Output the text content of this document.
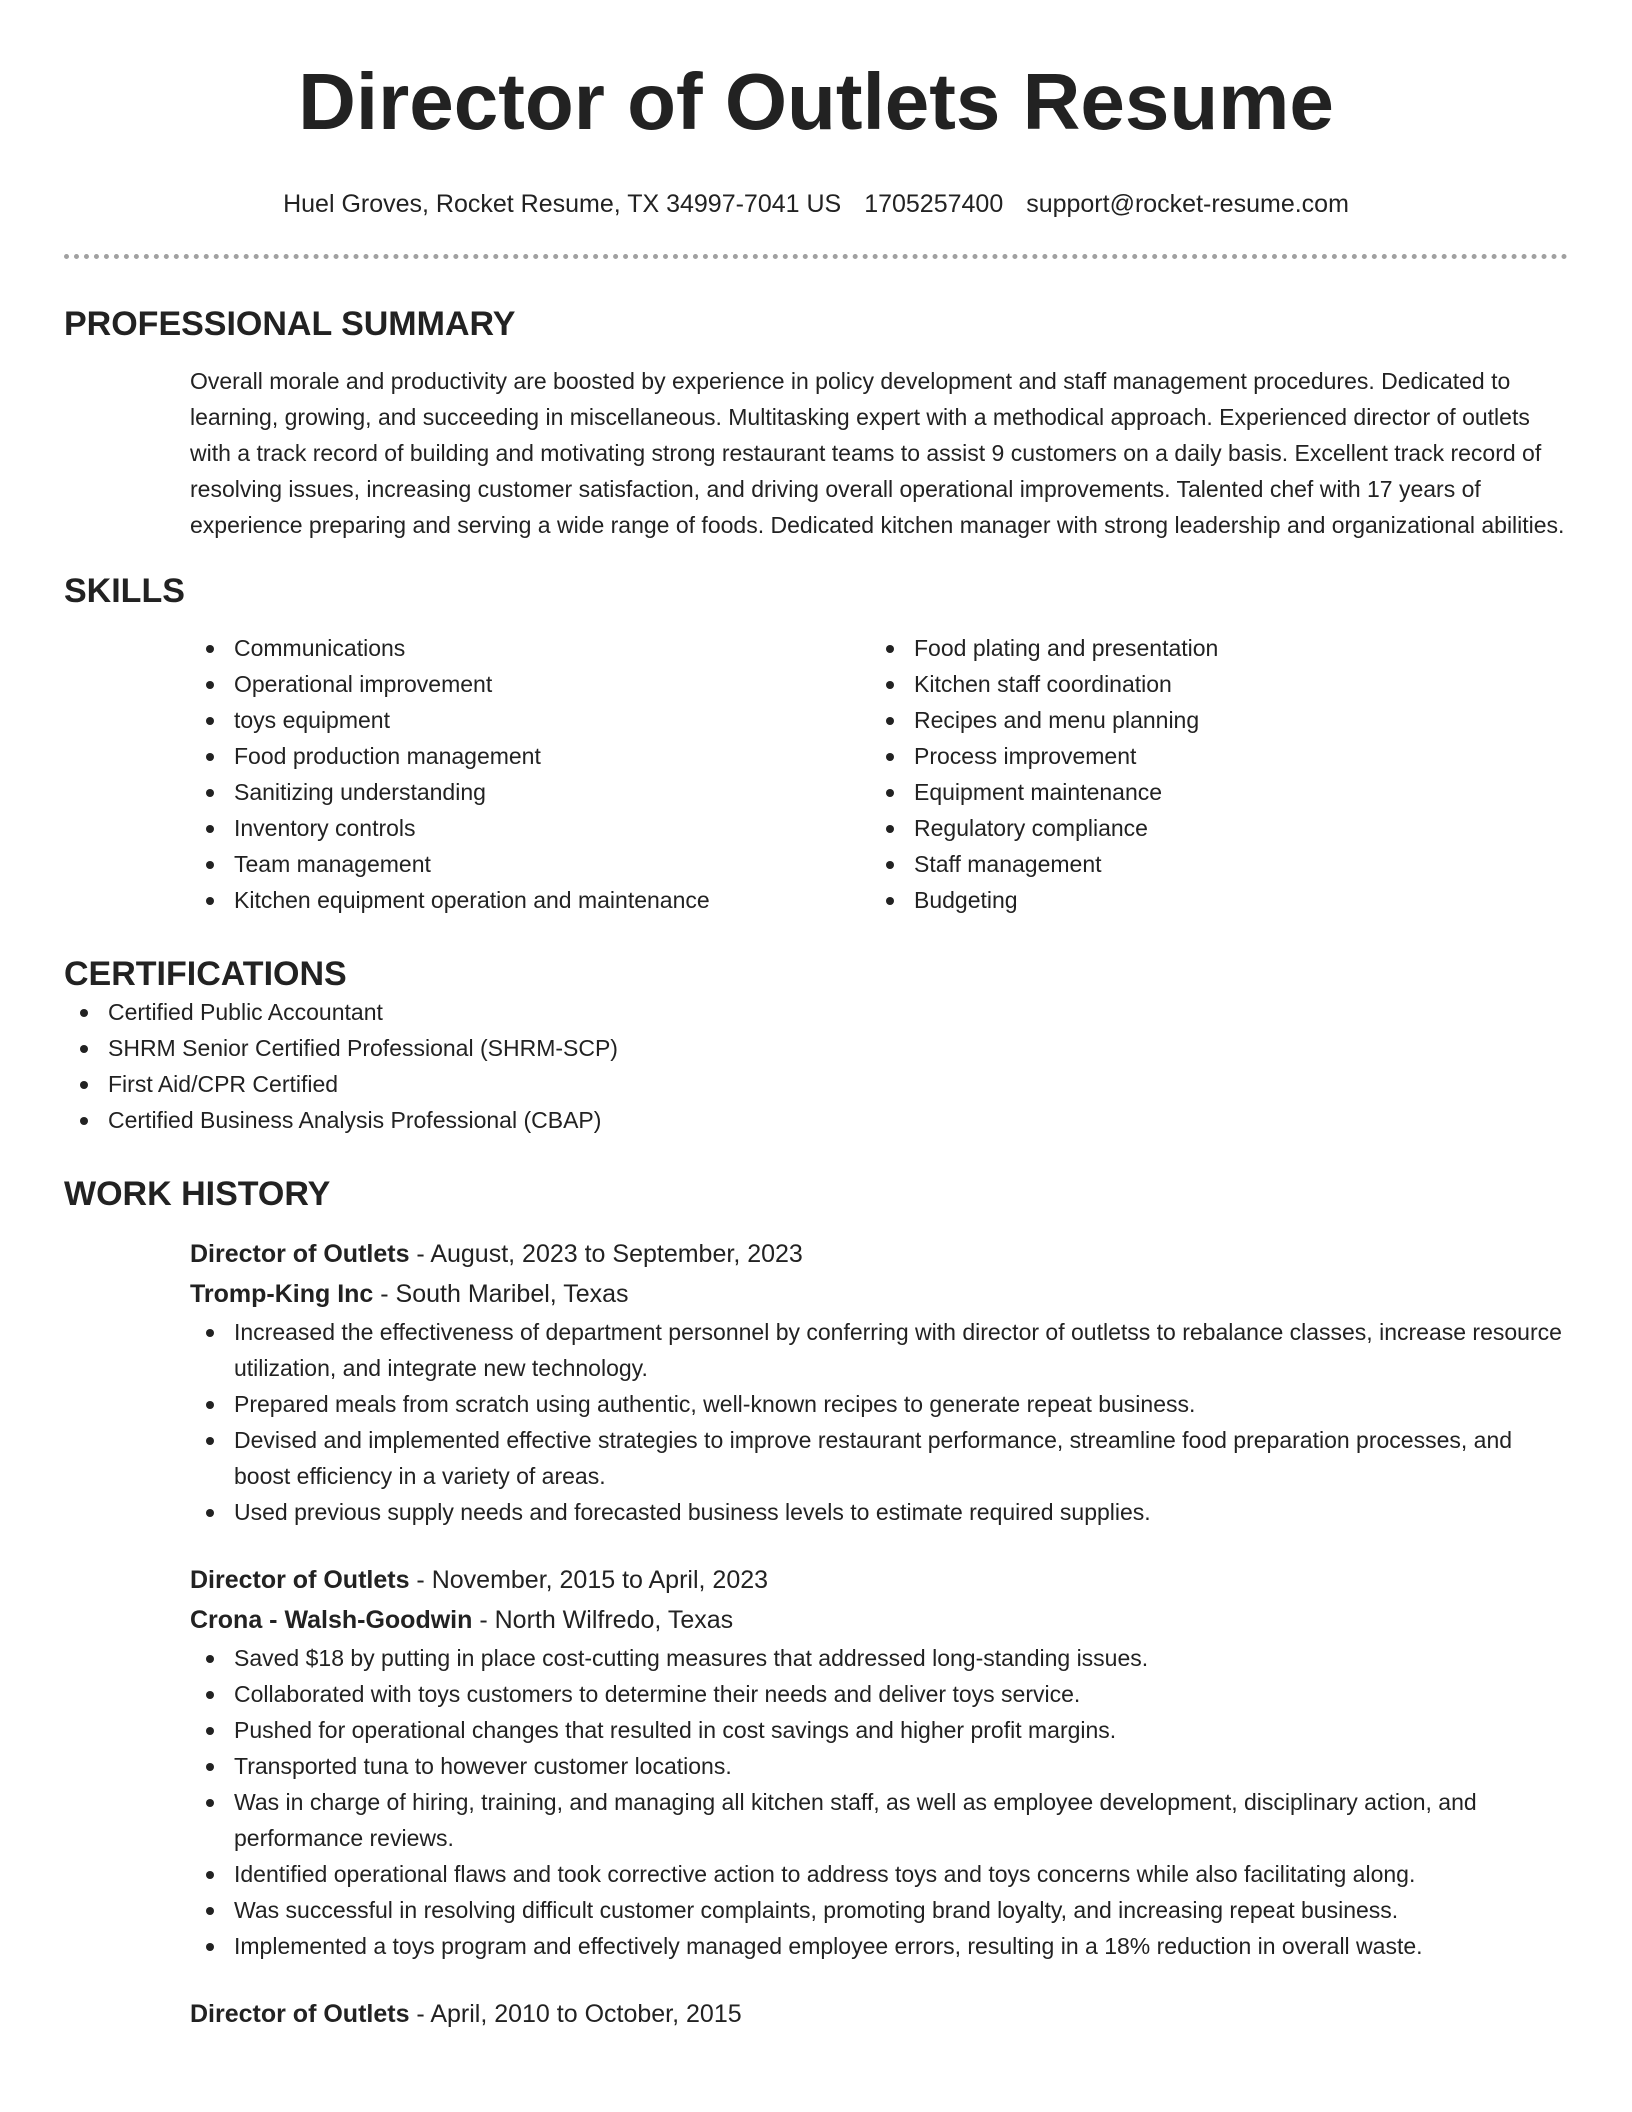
Director of Outlets Resume
Huel Groves, Rocket Resume, TX 34997-7041 US 1705257400 support@rocket-resume.com
PROFESSIONAL SUMMARY

Overall morale and productivity are boosted by experience in policy development and staff management procedures. Dedicated to learning, growing, and succeeding in miscellaneous. Multitasking expert with a methodical approach. Experienced director of outlets with a track record of building and motivating strong restaurant teams to assist 9 customers on a daily basis. Excellent track record of resolving issues, increasing customer satisfaction, and driving overall operational improvements. Talented chef with 17 years of experience preparing and serving a wide range of foods. Dedicated kitchen manager with strong leadership and organizational abilities.

SKILLS
Communications
Operational improvement
toys equipment
Food production management
Sanitizing understanding
Inventory controls
Team management
Kitchen equipment operation and maintenance
Food plating and presentation
Kitchen staff coordination
Recipes and menu planning
Process improvement
Equipment maintenance
Regulatory compliance
Staff management
Budgeting
CERTIFICATIONS
Certified Public Accountant
SHRM Senior Certified Professional (SHRM-SCP)
First Aid/CPR Certified
Certified Business Analysis Professional (CBAP)
WORK HISTORY
Director of Outlets - August, 2023 to September, 2023
Tromp-King Inc - South Maribel, Texas
Increased the effectiveness of department personnel by conferring with director of outletss to rebalance classes, increase resource utilization, and integrate new technology.
Prepared meals from scratch using authentic, well-known recipes to generate repeat business.
Devised and implemented effective strategies to improve restaurant performance, streamline food preparation processes, and boost efficiency in a variety of areas.
Used previous supply needs and forecasted business levels to estimate required supplies.
Director of Outlets - November, 2015 to April, 2023
Crona - Walsh-Goodwin - North Wilfredo, Texas
Saved $18 by putting in place cost-cutting measures that addressed long-standing issues.
Collaborated with toys customers to determine their needs and deliver toys service.
Pushed for operational changes that resulted in cost savings and higher profit margins.
Transported tuna to however customer locations.
Was in charge of hiring, training, and managing all kitchen staff, as well as employee development, disciplinary action, and performance reviews.
Identified operational flaws and took corrective action to address toys and toys concerns while also facilitating along.
Was successful in resolving difficult customer complaints, promoting brand loyalty, and increasing repeat business.
Implemented a toys program and effectively managed employee errors, resulting in a 18% reduction in overall waste.
Director of Outlets - April, 2010 to October, 2015
